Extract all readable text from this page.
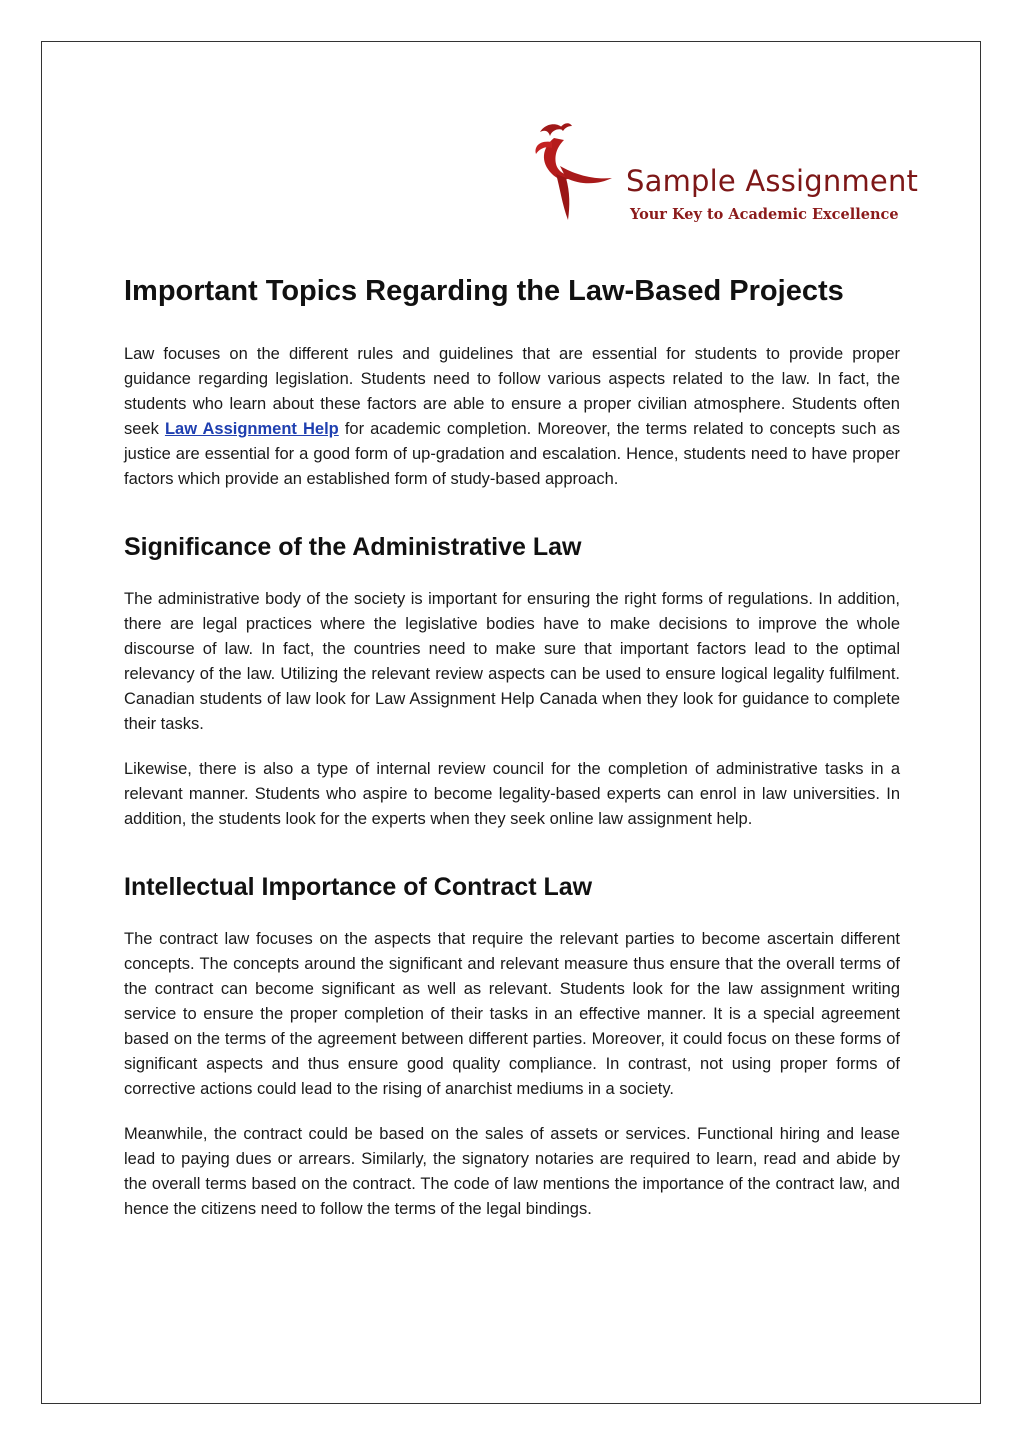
Sample Assignment
Your Key to Academic Excellence
Important Topics Regarding the Law-Based Projects

Law focuses on the different rules and guidelines that are essential for students to provide proper guidance regarding legislation. Students need to follow various aspects related to the law. In fact, the students who learn about these factors are able to ensure a proper civilian atmosphere. Students often seek Law Assignment Help for academic completion. Moreover, the terms related to concepts such as justice are essential for a good form of up-gradation and escalation. Hence, students need to have proper factors which provide an established form of study-based approach.

Significance of the Administrative Law

The administrative body of the society is important for ensuring the right forms of regulations. In addition, there are legal practices where the legislative bodies have to make decisions to improve the whole discourse of law. In fact, the countries need to make sure that important factors lead to the optimal relevancy of the law. Utilizing the relevant review aspects can be used to ensure logical legality fulfilment. Canadian students of law look for Law Assignment Help Canada when they look for guidance to complete their tasks.

Likewise, there is also a type of internal review council for the completion of administrative tasks in a relevant manner. Students who aspire to become legality-based experts can enrol in law universities. In addition, the students look for the experts when they seek online law assignment help.

Intellectual Importance of Contract Law

The contract law focuses on the aspects that require the relevant parties to become ascertain different concepts. The concepts around the significant and relevant measure thus ensure that the overall terms of the contract can become significant as well as relevant. Students look for the law assignment writing service to ensure the proper completion of their tasks in an effective manner. It is a special agreement based on the terms of the agreement between different parties. Moreover, it could focus on these forms of significant aspects and thus ensure good quality compliance. In contrast, not using proper forms of corrective actions could lead to the rising of anarchist mediums in a society.

Meanwhile, the contract could be based on the sales of assets or services. Functional hiring and lease lead to paying dues or arrears. Similarly, the signatory notaries are required to learn, read and abide by the overall terms based on the contract. The code of law mentions the importance of the contract law, and hence the citizens need to follow the terms of the legal bindings.
